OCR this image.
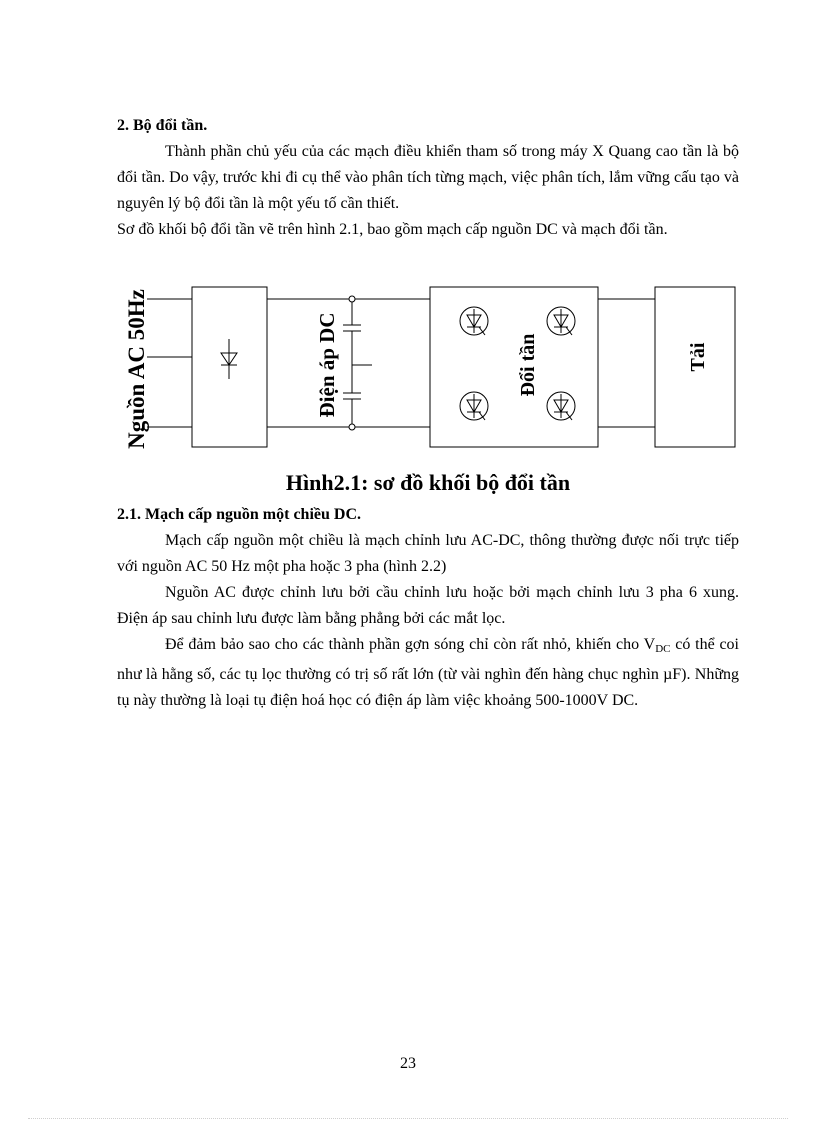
2. Bộ đổi tần.

Thành phần chủ yếu của các mạch điều khiển tham số trong máy X Quang cao tần là bộ đổi tần. Do vậy, trước khi đi cụ thể vào phân tích từng mạch, việc phân tích, lắm vững cấu tạo và nguyên lý bộ đổi tần là một yếu tố cần thiết.

Sơ đồ khối bộ đổi tần vẽ trên hình 2.1, bao gồm mạch cấp nguồn DC và mạch đổi tần.

Nguồn AC 50Hz	Điện áp DC	Đổi tần	Tải
Hình2.1: sơ đồ khối bộ đổi tần

2.1. Mạch cấp nguồn một chiều DC.

Mạch cấp nguồn một chiều là mạch chỉnh lưu AC-DC, thông thường được nối trực tiếp với nguồn AC 50 Hz một pha hoặc 3 pha (hình 2.2)

Nguồn AC được chỉnh lưu bởi cầu chỉnh lưu hoặc bởi mạch chỉnh lưu 3 pha 6 xung. Điện áp sau chỉnh lưu được làm bằng phẳng bởi các mắt lọc.

Để đảm bảo sao cho các thành phần gợn sóng chỉ còn rất nhỏ, khiến cho $V_{DC}$ có thể coi như là hằng số, các tụ lọc thường có trị số rất lớn (từ vài nghìn đến hàng chục nghìn µF). Những tụ này thường là loại tụ điện hoá học có điện áp làm việc khoảng 500-1000V DC.

23
